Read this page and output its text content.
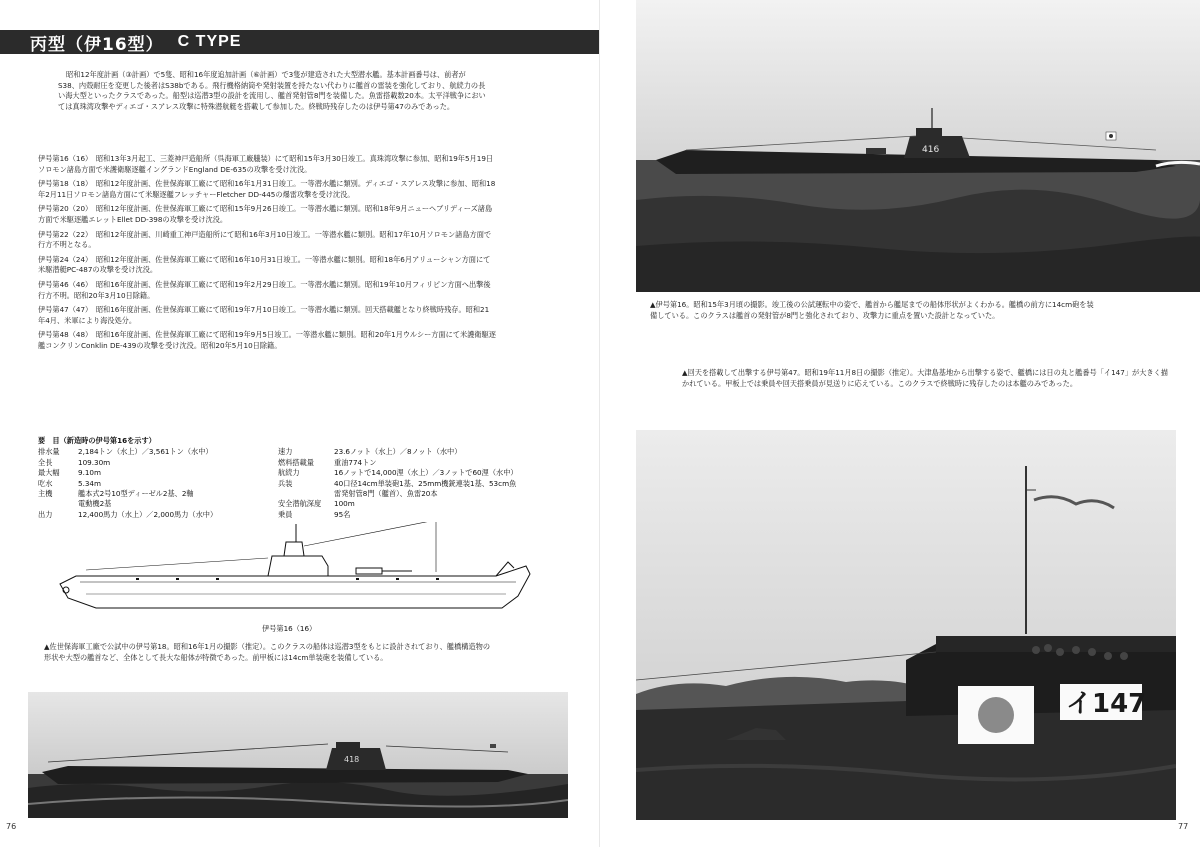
丙型（伊16型） C TYPE
昭和12年度計画（③計画）で5隻、昭和16年度追加計画（⑥計画）で3隻が建造された大型潜水艦。基本計画番号は、前者がS38、内殻耐圧を変更した後者はS38bである。飛行機格納筒や発射装置を持たない代わりに艦首の雷装を強化しており、航続力の長い海大型といったクラスであった。船型は巡潜3型の設計を流用し、艦首発射管8門を装備した。魚雷搭載数20本。太平洋戦争においては真珠湾攻撃やディエゴ・スアレス攻撃に特殊潜航艇を搭載して参加した。終戦時残存したのは伊号第47のみであった。
伊号第16（16）　昭和13年3月起工、三菱神戸造船所（呉海軍工廠艤装）にて昭和15年3月30日竣工。真珠湾攻撃に参加、昭和19年5月19日ソロモン諸島方面で米護衛駆逐艦イングランドEngland DE-635の攻撃を受け沈没。
伊号第18（18）　昭和12年度計画、佐世保海軍工廠にて昭和16年1月31日竣工。一等潜水艦に類別。ディエゴ・スアレス攻撃に参加、昭和18年2月11日ソロモン諸島方面にて米駆逐艦フレッチャーFletcher DD-445の爆雷攻撃を受け沈没。
伊号第20（20）　昭和12年度計画、佐世保海軍工廠にて昭和15年9月26日竣工。一等潜水艦に類別。昭和18年9月ニューヘブリディーズ諸島方面で米駆逐艦エレットEllet DD-398の攻撃を受け沈没。
伊号第22（22）　昭和12年度計画、川崎重工神戸造船所にて昭和16年3月10日竣工。一等潜水艦に類別。昭和17年10月ソロモン諸島方面で行方不明となる。
伊号第24（24）　昭和12年度計画、佐世保海軍工廠にて昭和16年10月31日竣工。一等潜水艦に類別。昭和18年6月アリューシャン方面にて米駆潜艇PC-487の攻撃を受け沈没。
伊号第46（46）　昭和16年度計画、佐世保海軍工廠にて昭和19年2月29日竣工。一等潜水艦に類別。昭和19年10月フィリピン方面へ出撃後行方不明。昭和20年3月10日除籍。
伊号第47（47）　昭和16年度計画、佐世保海軍工廠にて昭和19年7月10日竣工。一等潜水艦に類別。回天搭載艦となり終戦時残存。昭和21年4月、米軍により海没処分。
伊号第48（48）　昭和16年度計画、佐世保海軍工廠にて昭和19年9月5日竣工。一等潜水艦に類別。昭和20年1月ウルシー方面にて米護衛駆逐艦コンクリンConklin DE-439の攻撃を受け沈没。昭和20年5月10日除籍。
要　目（新造時の伊号第16を示す）
排水量	2,184トン（水上）／3,561トン（水中）
全長	109.30m
最大幅	9.10m
吃水	5.34m
主機	艦本式2号10型ディーゼル2基、2軸
電動機2基
出力	12,400馬力（水上）／2,000馬力（水中）
速力	23.6ノット（水上）／8ノット（水中）
燃料搭載量	重油774トン
航続力	16ノットで14,000浬（水上）／3ノットで60浬（水中）
兵装	40口径14cm単装砲1基、25mm機銃連装1基、53cm魚雷発射管8門（艦首）、魚雷20本
安全潜航深度	100m
乗員	95名
伊号第16（16）
▲佐世保海軍工廠で公試中の伊号第18。昭和16年1月の撮影（推定）。このクラスの船体は巡潜3型をもとに設計されており、艦橋構造物の形状や大型の艦首など、全体として長大な船体が特徴であった。前甲板には14cm単装砲を装備している。
418
76
416
▲伊号第16。昭和15年3月頃の撮影。竣工後の公試運転中の姿で、艦首から艦尾までの船体形状がよくわかる。艦橋の前方に14cm砲を装備している。このクラスは艦首の発射管が8門と強化されており、攻撃力に重点を置いた設計となっていた。
▲回天を搭載して出撃する伊号第47。昭和19年11月8日の撮影（推定）。大津島基地から出撃する姿で、艦橋には日の丸と艦番号「イ147」が大きく描かれている。甲板上では乗員や回天搭乗員が見送りに応えている。このクラスで終戦時に残存したのは本艦のみであった。
イ147
77
